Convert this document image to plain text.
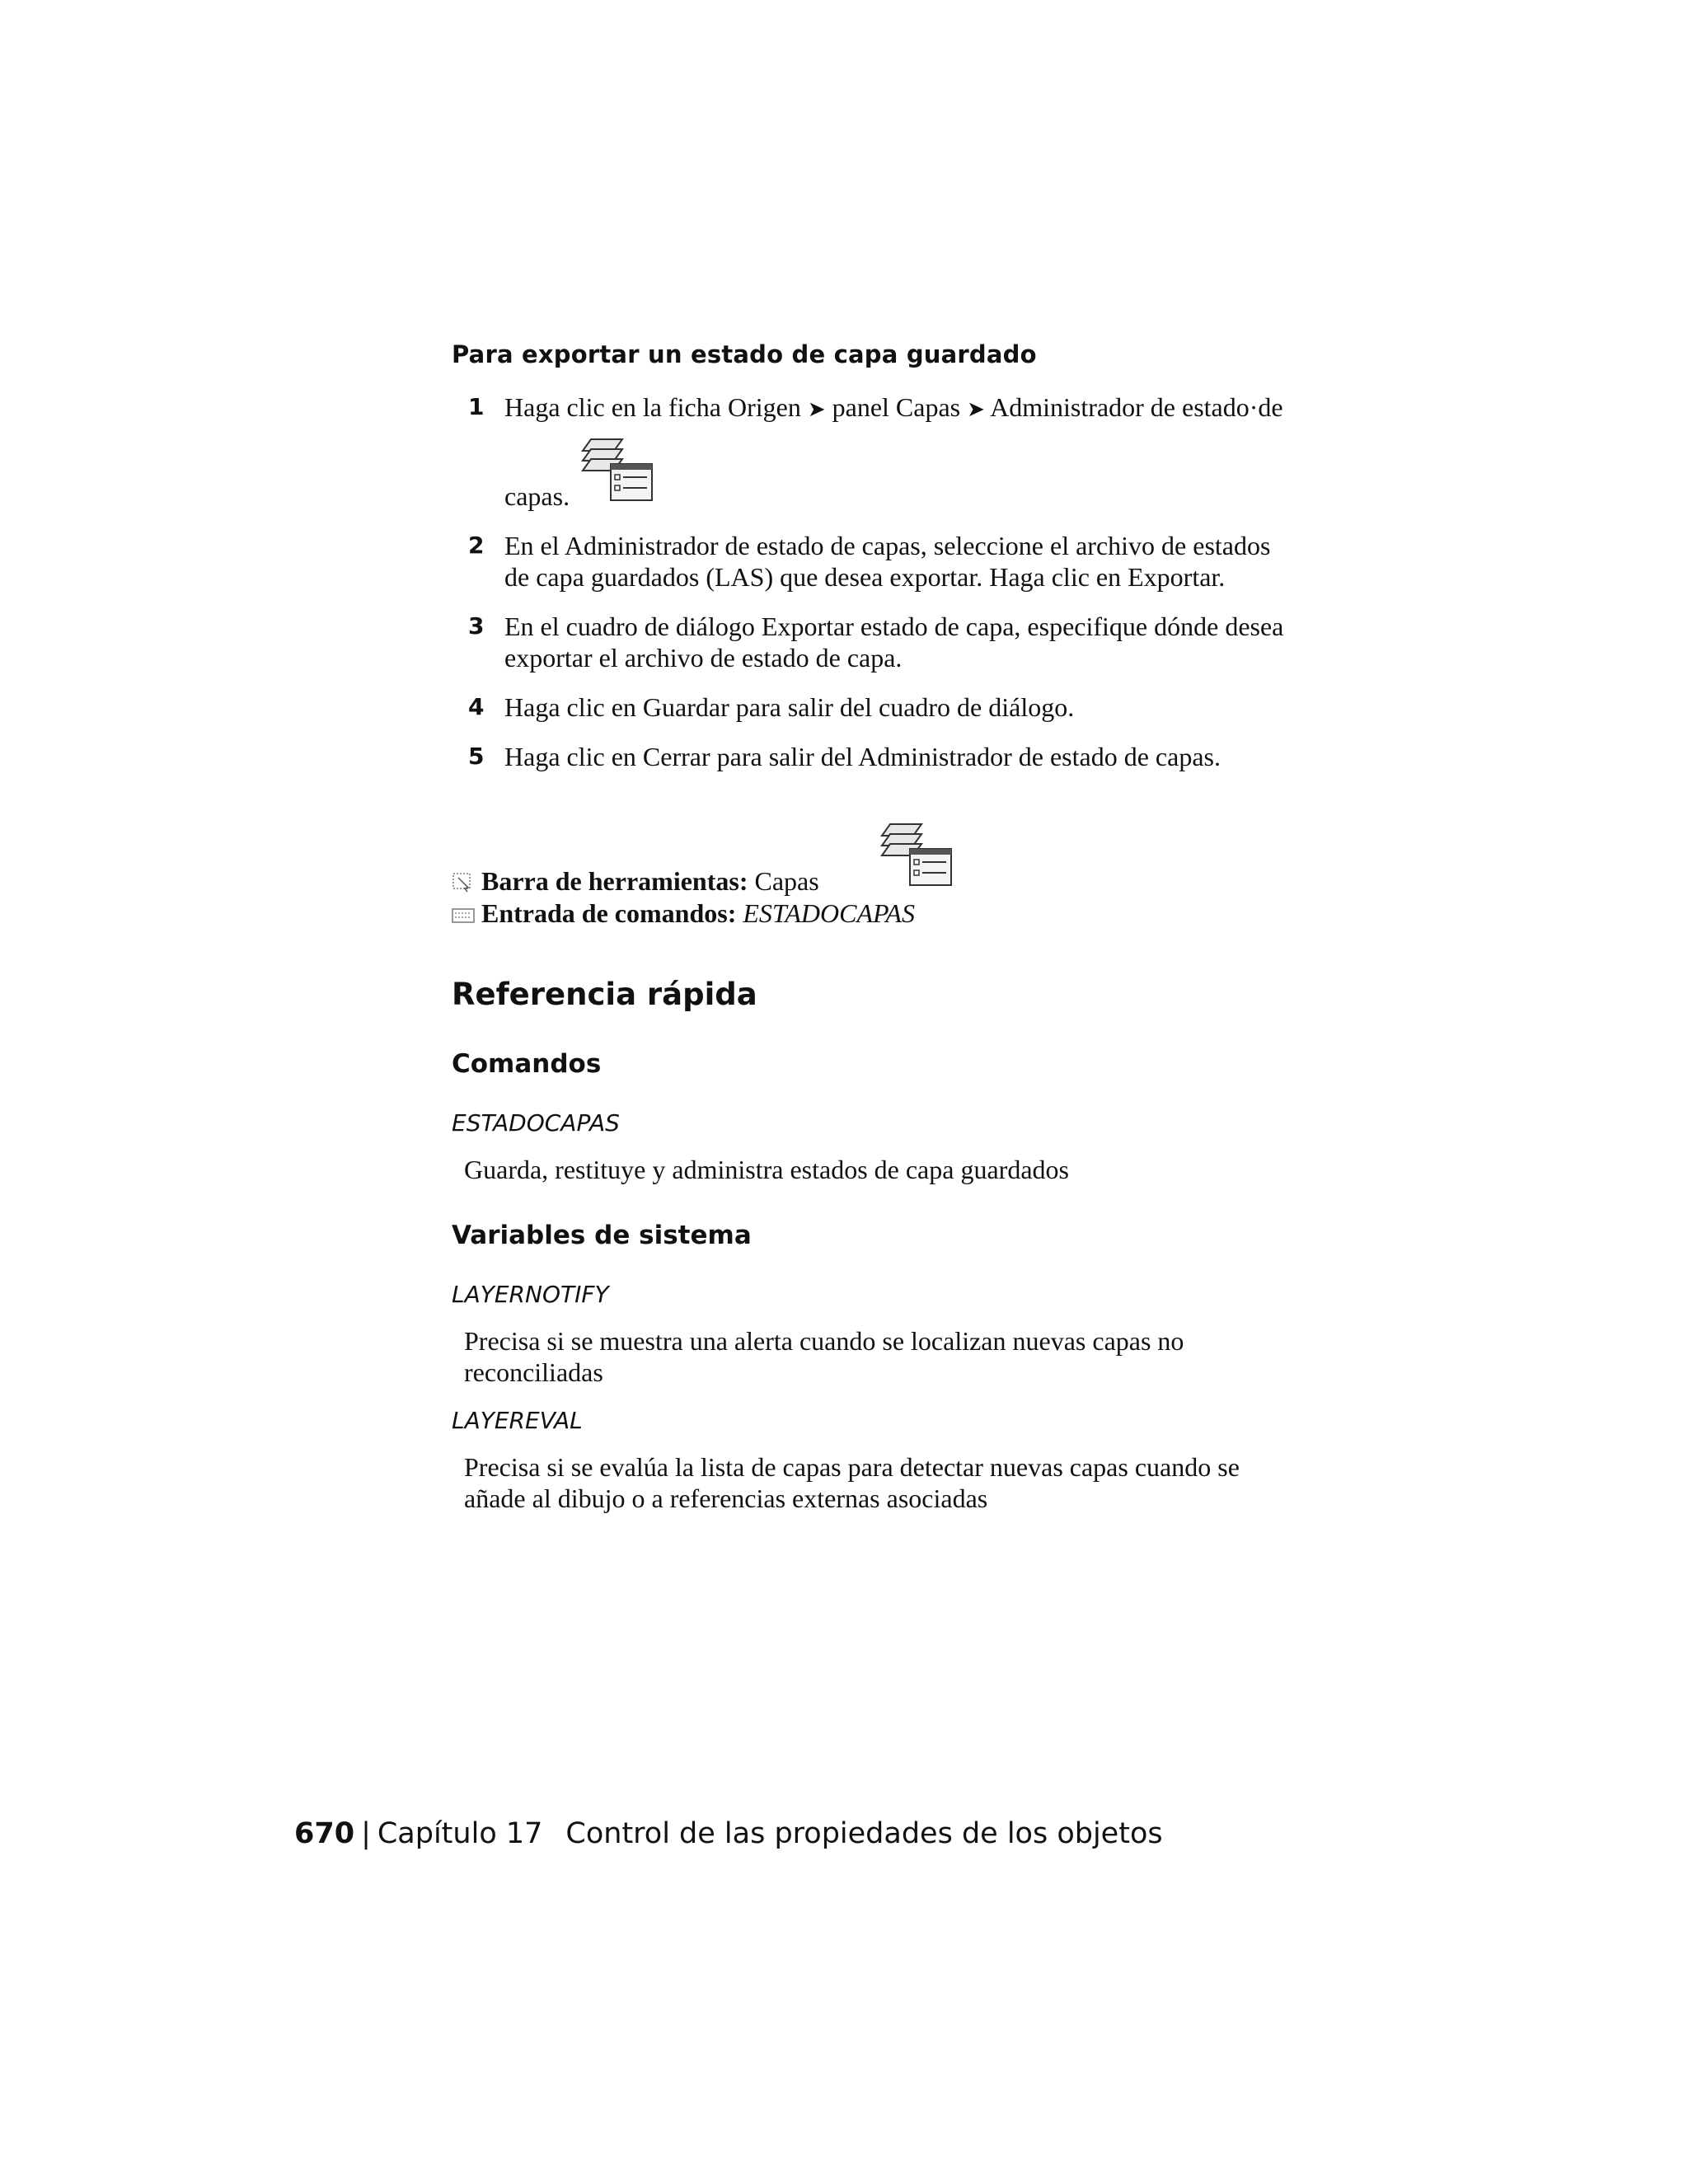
Para exportar un estado de capa guardado
1 Haga clic en la ficha Origen ➤ panel Capas ➤ Administrador de estado·de
capas.
2 En el Administrador de estado de capas, seleccione el archivo de estados
de capa guardados (LAS) que desea exportar. Haga clic en Exportar.
3 En el cuadro de diálogo Exportar estado de capa, especifique dónde desea
exportar el archivo de estado de capa.
4 Haga clic en Guardar para salir del cuadro de diálogo.
5 Haga clic en Cerrar para salir del Administrador de estado de capas.
Barra de herramientas: Capas
Entrada de comandos: ESTADOCAPAS
Referencia rápida
Comandos
ESTADOCAPAS
Guarda, restituye y administra estados de capa guardados
Variables de sistema
LAYERNOTIFY
Precisa si se muestra una alerta cuando se localizan nuevas capas no
reconciliadas
LAYEREVAL
Precisa si se evalúa la lista de capas para detectar nuevas capas cuando se
añade al dibujo o a referencias externas asociadas
670 | Capítulo 17 Control de las propiedades de los objetos
